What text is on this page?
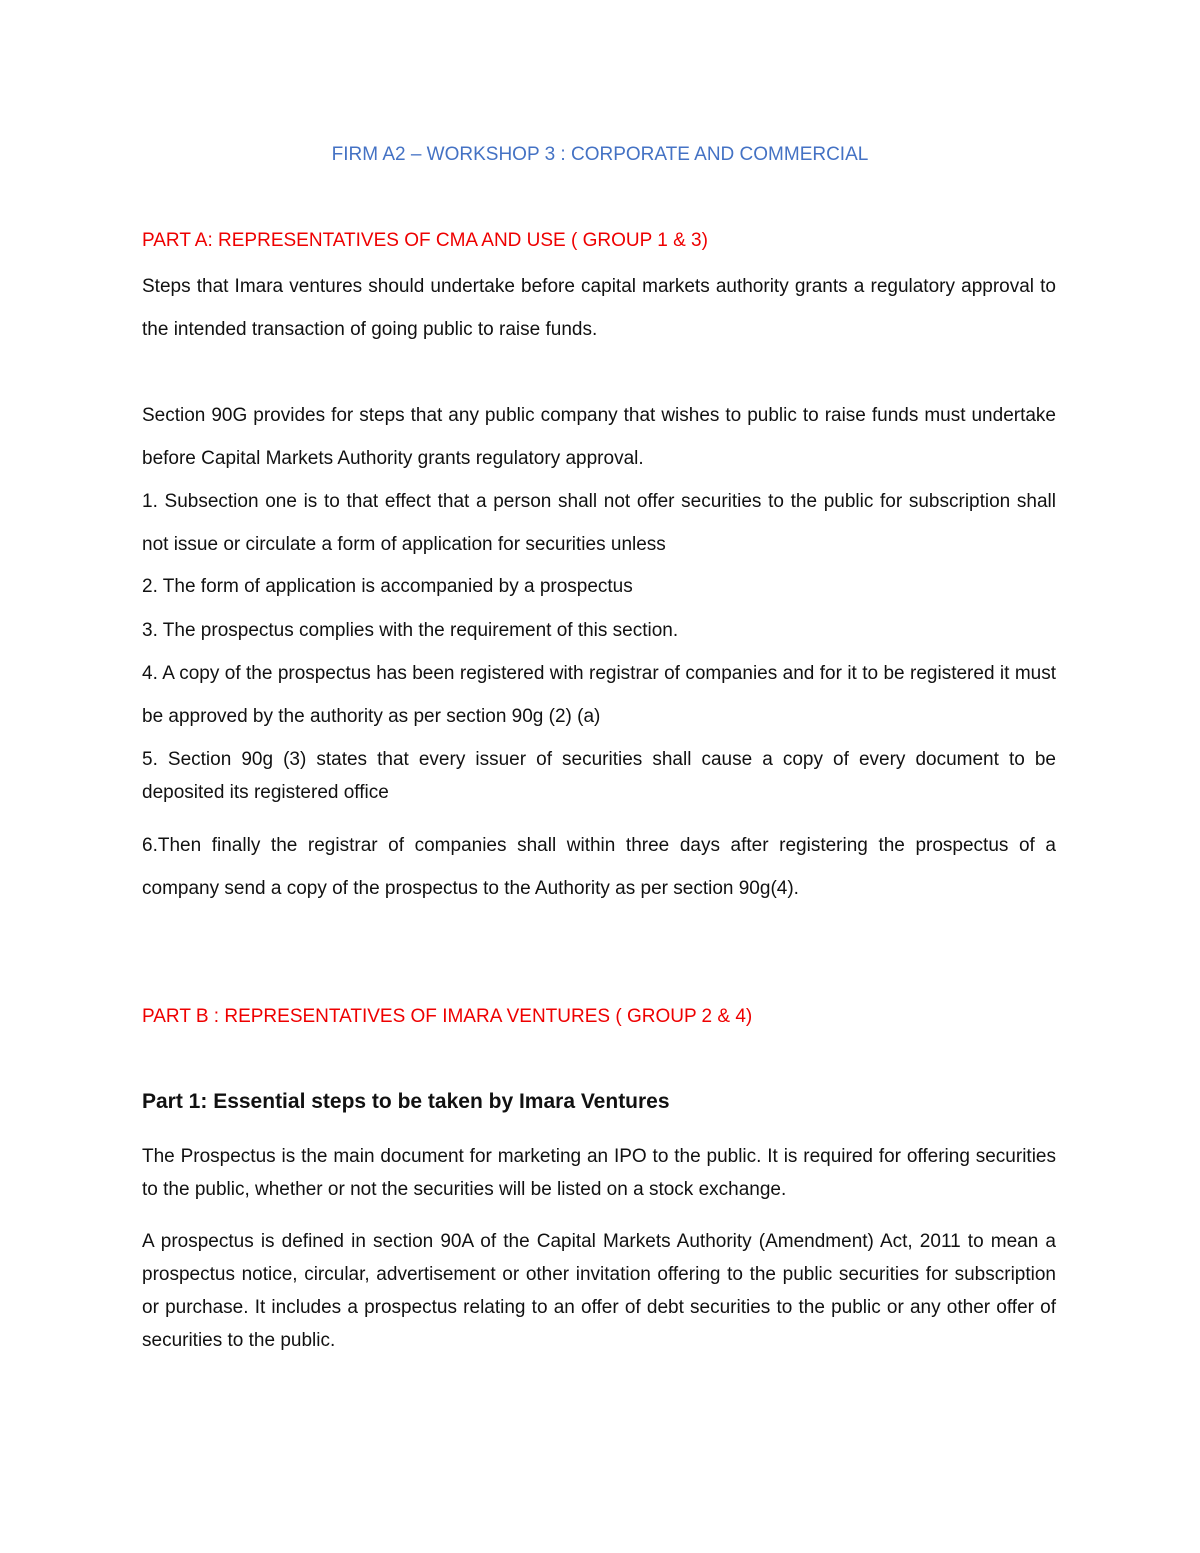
FIRM A2 – WORKSHOP 3 : CORPORATE AND COMMERCIAL
PART A: REPRESENTATIVES OF CMA AND USE ( GROUP 1 & 3)

Steps that Imara ventures should undertake before capital markets authority grants a regulatory approval to the intended transaction of going public to raise funds.

Section 90G provides for steps that any public company that wishes to public to raise funds must undertake before Capital Markets Authority grants regulatory approval.

1. Subsection one is to that effect that a person shall not offer securities to the public for subscription shall not issue or circulate a form of application for securities unless

2. The form of application is accompanied by a prospectus

3. The prospectus complies with the requirement of this section.

4. A copy of the prospectus has been registered with registrar of companies and for it to be registered it must be approved by the authority as per section 90g (2) (a)

5. Section 90g (3) states that every issuer of securities shall cause a copy of every document to be deposited its registered office

6.Then finally the registrar of companies shall within three days after registering the prospectus of a company send a copy of the prospectus to the Authority as per section 90g(4).

PART B : REPRESENTATIVES OF IMARA VENTURES ( GROUP 2 & 4)
Part 1: Essential steps to be taken by Imara Ventures

The Prospectus is the main document for marketing an IPO to the public. It is required for offering securities to the public, whether or not the securities will be listed on a stock exchange.

A prospectus is defined in section 90A of the Capital Markets Authority (Amendment) Act, 2011 to mean a prospectus notice, circular, advertisement or other invitation offering to the public securities for subscription or purchase. It includes a prospectus relating to an offer of debt securities to the public or any other offer of securities to the public.
